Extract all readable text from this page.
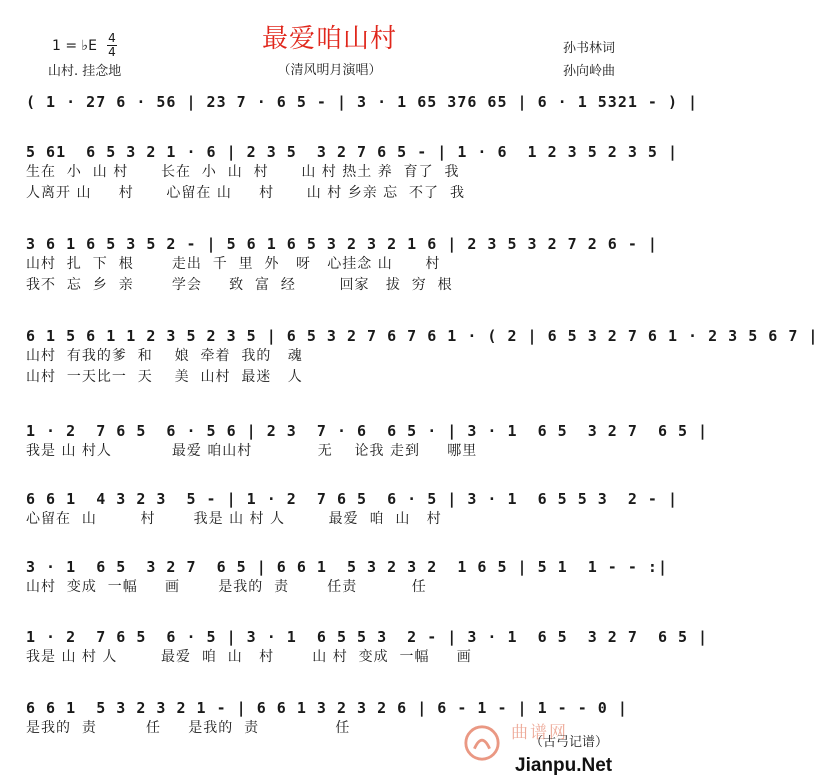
1 = ♭E 4
4
山村. 挂念地
最爱咱山村
（清风明月演唱）
孙书林词
孙向岭曲
( 1 · 27 6 · 56 | 23 7 · 6 5 - | 3 · 1 65 376 65 | 6 · 1 5321 - ) |
5 61  6 5 3 2 1 · 6 | 2 3 5  3 2 7 6 5 - | 1 · 6  1 2 3 5 2 3 5 |
生在  小  山 村      长在  小  山  村      山 村 热土 养  育了  我
人离开 山     村      心留在 山     村      山 村 乡亲 忘  不了  我
3 6 1 6 5 3 5 2 - | 5 6 1 6 5 3 2 3 2 1 6 | 2 3 5 3 2 7 2 6 - |
山村  扎  下  根       走出  千  里  外   呀   心挂念 山      村
我不  忘  乡  亲       学会     致  富  经        回家   拔  穷  根
6 1 5 6 1 1 2 3 5 2 3 5 | 6 5 3 2 7 6 7 6 1 · ( 2 | 6 5 3 2 7 6 1 · 2 3 5 6 7 |
山村  有我的爹  和    娘  牵着  我的   魂
山村  一天比一  天    美  山村  最迷   人
1 · 2  7 6 5  6 · 5 6 | 2 3  7 · 6  6 5 · | 3 · 1  6 5  3 2 7  6 5 |
我是 山 村人           最爱 咱山村            无    论我 走到     哪里
6 6 1  4 3 2 3  5 - | 1 · 2  7 6 5  6 · 5 | 3 · 1  6 5 5 3  2 - |
心留在  山        村       我是 山 村 人        最爱  咱  山   村
3 · 1  6 5  3 2 7  6 5 | 6 6 1  5 3 2 3 2  1 6 5 | 5 1  1 - - :|
山村  变成  一幅     画       是我的  责       任责          任
1 · 2  7 6 5  6 · 5 | 3 · 1  6 5 5 3  2 - | 3 · 1  6 5  3 2 7  6 5 |
我是 山 村 人        最爱  咱  山   村       山 村  变成  一幅     画
6 6 1  5 3 2 3 2 1 - | 6 6 1 3 2 3 2 6 | 6 - 1 - | 1 - - 0 |
是我的  责         任     是我的  责              任	曲谱网
（古弓记谱）
Jianpu.Net
